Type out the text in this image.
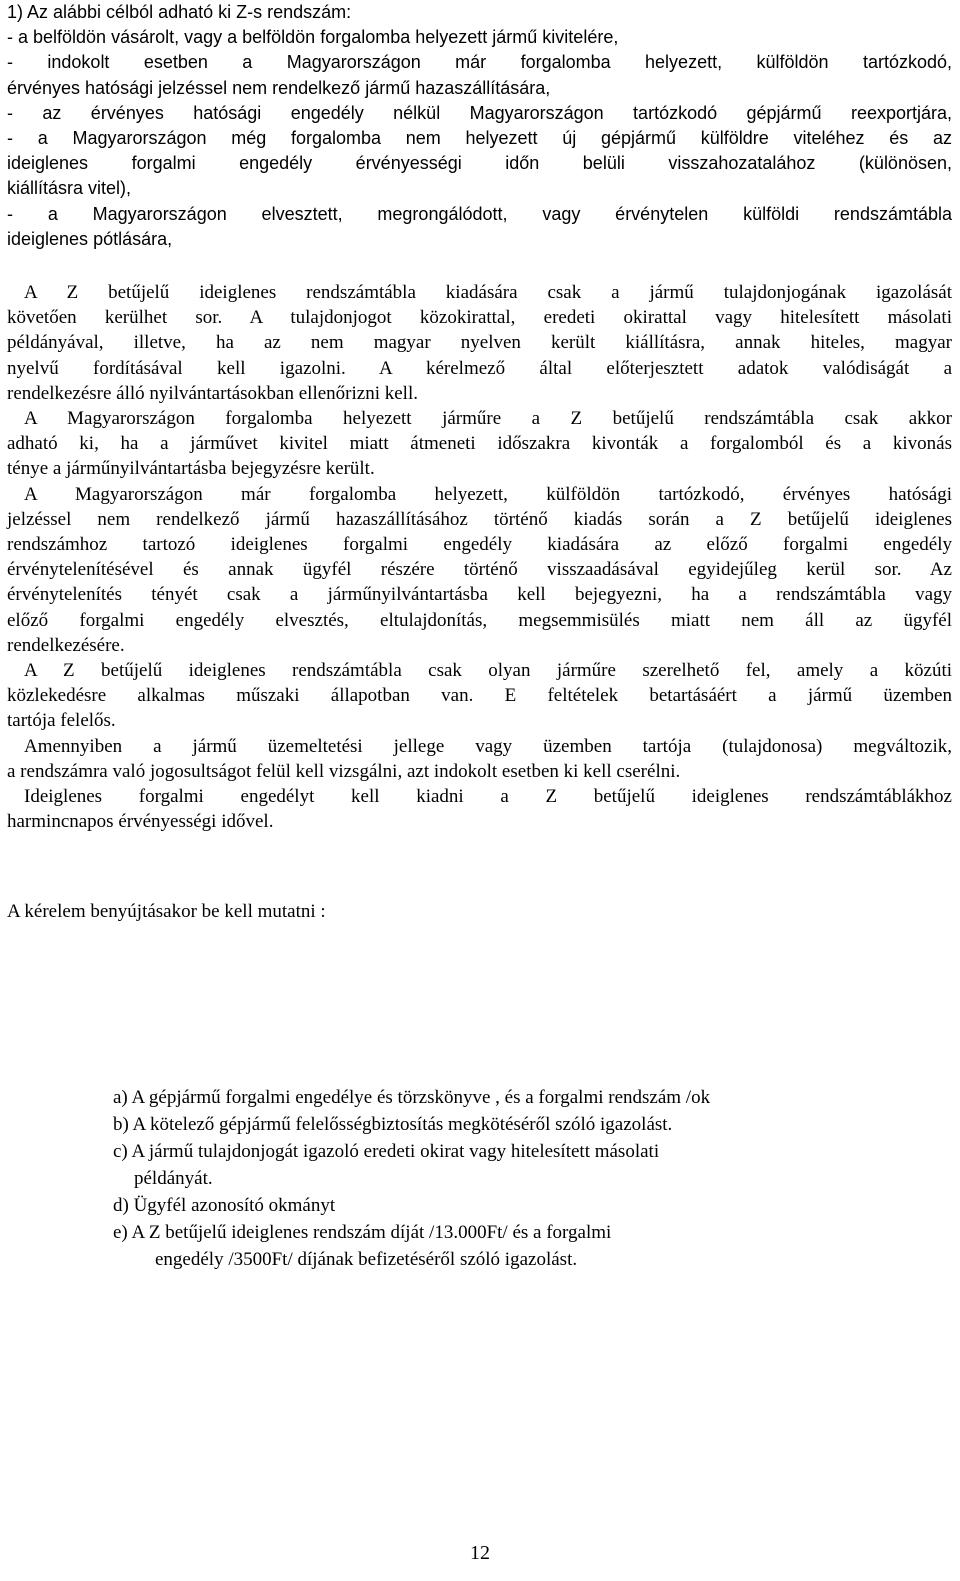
1) Az alábbi célból adható ki Z-s rendszám:
- a belföldön vásárolt, vagy a belföldön forgalomba helyezett jármű kivitelére,
- indokolt esetben a Magyarországon már forgalomba helyezett, külföldön tartózkodó,
érvényes hatósági jelzéssel nem rendelkező jármű hazaszállítására,
- az érvényes hatósági engedély nélkül Magyarországon tartózkodó gépjármű reexportjára,
- a Magyarországon még forgalomba nem helyezett új gépjármű külföldre viteléhez és az
ideiglenes forgalmi engedély érvényességi időn belüli visszahozatalához (különösen,
kiállításra vitel),
- a Magyarországon elvesztett, megrongálódott, vagy érvénytelen külföldi rendszámtábla
ideiglenes pótlására,
A Z betűjelű ideiglenes rendszámtábla kiadására csak a jármű tulajdonjogának igazolását
követően kerülhet sor. A tulajdonjogot közokirattal, eredeti okirattal vagy hitelesített másolati
példányával, illetve, ha az nem magyar nyelven került kiállításra, annak hiteles, magyar
nyelvű fordításával kell igazolni. A kérelmező által előterjesztett adatok valódiságát a
rendelkezésre álló nyilvántartásokban ellenőrizni kell.
A Magyarországon forgalomba helyezett járműre a Z betűjelű rendszámtábla csak akkor
adható ki, ha a járművet kivitel miatt átmeneti időszakra kivonták a forgalomból és a kivonás
ténye a járműnyilvántartásba bejegyzésre került.
A Magyarországon már forgalomba helyezett, külföldön tartózkodó, érvényes hatósági
jelzéssel nem rendelkező jármű hazaszállításához történő kiadás során a Z betűjelű ideiglenes
rendszámhoz tartozó ideiglenes forgalmi engedély kiadására az előző forgalmi engedély
érvénytelenítésével és annak ügyfél részére történő visszaadásával egyidejűleg kerül sor. Az
érvénytelenítés tényét csak a járműnyilvántartásba kell bejegyezni, ha a rendszámtábla vagy
előző forgalmi engedély elvesztés, eltulajdonítás, megsemmisülés miatt nem áll az ügyfél
rendelkezésére.
A Z betűjelű ideiglenes rendszámtábla csak olyan járműre szerelhető fel, amely a közúti
közlekedésre alkalmas műszaki állapotban van. E feltételek betartásáért a jármű üzemben
tartója felelős.
Amennyiben a jármű üzemeltetési jellege vagy üzemben tartója (tulajdonosa) megváltozik,
a rendszámra való jogosultságot felül kell vizsgálni, azt indokolt esetben ki kell cserélni.
Ideiglenes forgalmi engedélyt kell kiadni a Z betűjelű ideiglenes rendszámtáblákhoz
harmincnapos érvényességi idővel.
A kérelem benyújtásakor be kell mutatni :
a) A gépjármű forgalmi engedélye és törzskönyve , és a forgalmi rendszám /ok
b) A kötelező gépjármű felelősségbiztosítás megkötéséről szóló igazolást.
c) A jármű tulajdonjogát igazoló eredeti okirat vagy hitelesített másolati
példányát.
d) Ügyfél azonosító okmányt
e) A Z betűjelű ideiglenes rendszám díját /13.000Ft/ és a forgalmi
engedély /3500Ft/ díjának befizetéséről szóló igazolást.
12
